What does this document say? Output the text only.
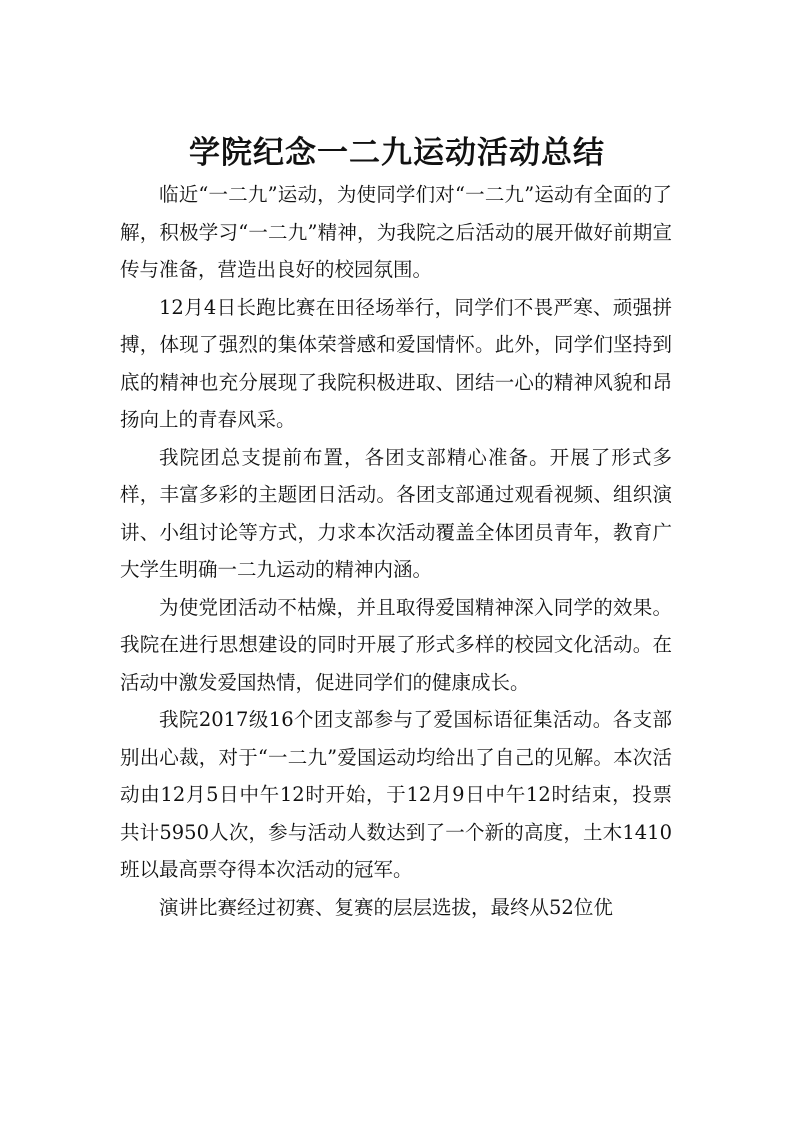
学院纪念一二九运动活动总结

临近“一二九”运动，为使同学们对“一二九”运动有全面的了解，积极学习“一二九”精神，为我院之后活动的展开做好前期宣传与准备，营造出良好的校园氛围。

12月4日长跑比赛在田径场举行，同学们不畏严寒、顽强拼搏，体现了强烈的集体荣誉感和爱国情怀。此外，同学们坚持到底的精神也充分展现了我院积极进取、团结一心的精神风貌和昂扬向上的青春风采。

我院团总支提前布置，各团支部精心准备。开展了形式多样，丰富多彩的主题团日活动。各团支部通过观看视频、组织演讲、小组讨论等方式，力求本次活动覆盖全体团员青年，教育广大学生明确一二九运动的精神内涵。

为使党团活动不枯燥，并且取得爱国精神深入同学的效果。我院在进行思想建设的同时开展了形式多样的校园文化活动。在活动中激发爱国热情，促进同学们的健康成长。

我院2017级16个团支部参与了爱国标语征集活动。各支部别出心裁，对于“一二九”爱国运动均给出了自己的见解。本次活动由12月5日中午12时开始，于12月9日中午12时结束，投票共计5950人次，参与活动人数达到了一个新的高度，土木1410班以最高票夺得本次活动的冠军。

演讲比赛经过初赛、复赛的层层选拔，最终从52位优
